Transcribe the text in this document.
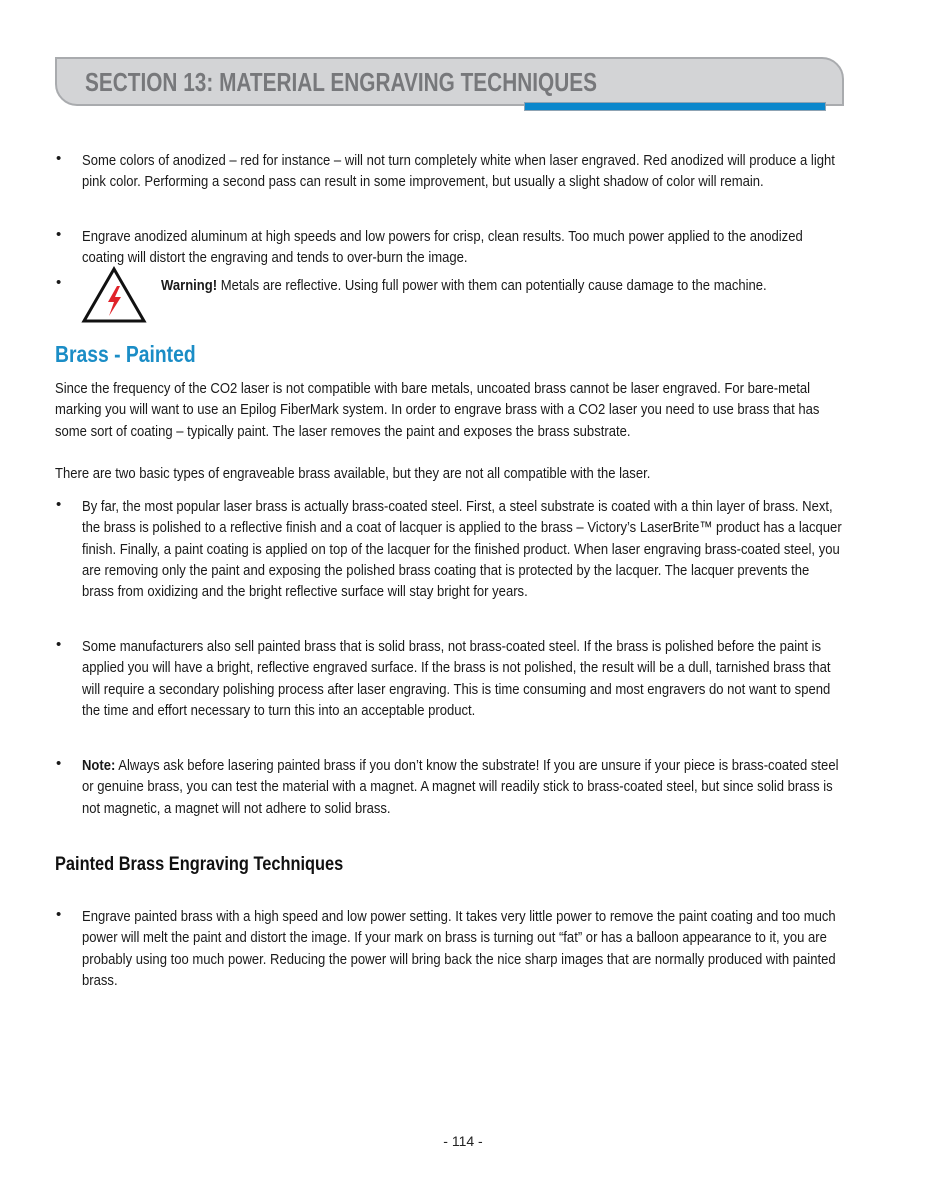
SECTION 13: MATERIAL ENGRAVING TECHNIQUES
• Some colors of anodized – red for instance – will not turn completely white when laser engraved. Red anodized will produce a light pink color. Performing a second pass can result in some improvement, but usually a slight shadow of color will remain.
• Engrave anodized aluminum at high speeds and low powers for crisp, clean results. Too much power applied to the anodized coating will distort the engraving and tends to over-burn the image.
•	Warning! Metals are reflective. Using full power with them can potentially cause damage to the machine.
Brass - Painted
Since the frequency of the CO2 laser is not compatible with bare metals, uncoated brass cannot be laser engraved. For bare-metal marking you will want to use an Epilog FiberMark system. In order to engrave brass with a CO2 laser you need to use brass that has some sort of coating – typically paint. The laser removes the paint and exposes the brass substrate.
There are two basic types of engraveable brass available, but they are not all compatible with the laser.
• By far, the most popular laser brass is actually brass-coated steel. First, a steel substrate is coated with a thin layer of brass. Next, the brass is polished to a reflective finish and a coat of lacquer is applied to the brass – Victory’s LaserBrite™ product has a lacquer finish. Finally, a paint coating is applied on top of the lacquer for the finished product. When laser engraving brass-coated steel, you are removing only the paint and exposing the polished brass coating that is protected by the lacquer. The lacquer prevents the brass from oxidizing and the bright reflective surface will stay bright for years.
• Some manufacturers also sell painted brass that is solid brass, not brass-coated steel. If the brass is polished before the paint is applied you will have a bright, reflective engraved surface. If the brass is not polished, the result will be a dull, tarnished brass that will require a secondary polishing process after laser engraving. This is time consuming and most engravers do not want to spend the time and effort necessary to turn this into an acceptable product.
• Note: Always ask before lasering painted brass if you don’t know the substrate! If you are unsure if your piece is brass-coated steel or genuine brass, you can test the material with a magnet. A magnet will readily stick to brass-coated steel, but since solid brass is not magnetic, a magnet will not adhere to solid brass.
Painted Brass Engraving Techniques
• Engrave painted brass with a high speed and low power setting. It takes very little power to remove the paint coating and too much power will melt the paint and distort the image. If your mark on brass is turning out “fat” or has a balloon appearance to it, you are probably using too much power. Reducing the power will bring back the nice sharp images that are normally produced with painted brass.
- 114 -
